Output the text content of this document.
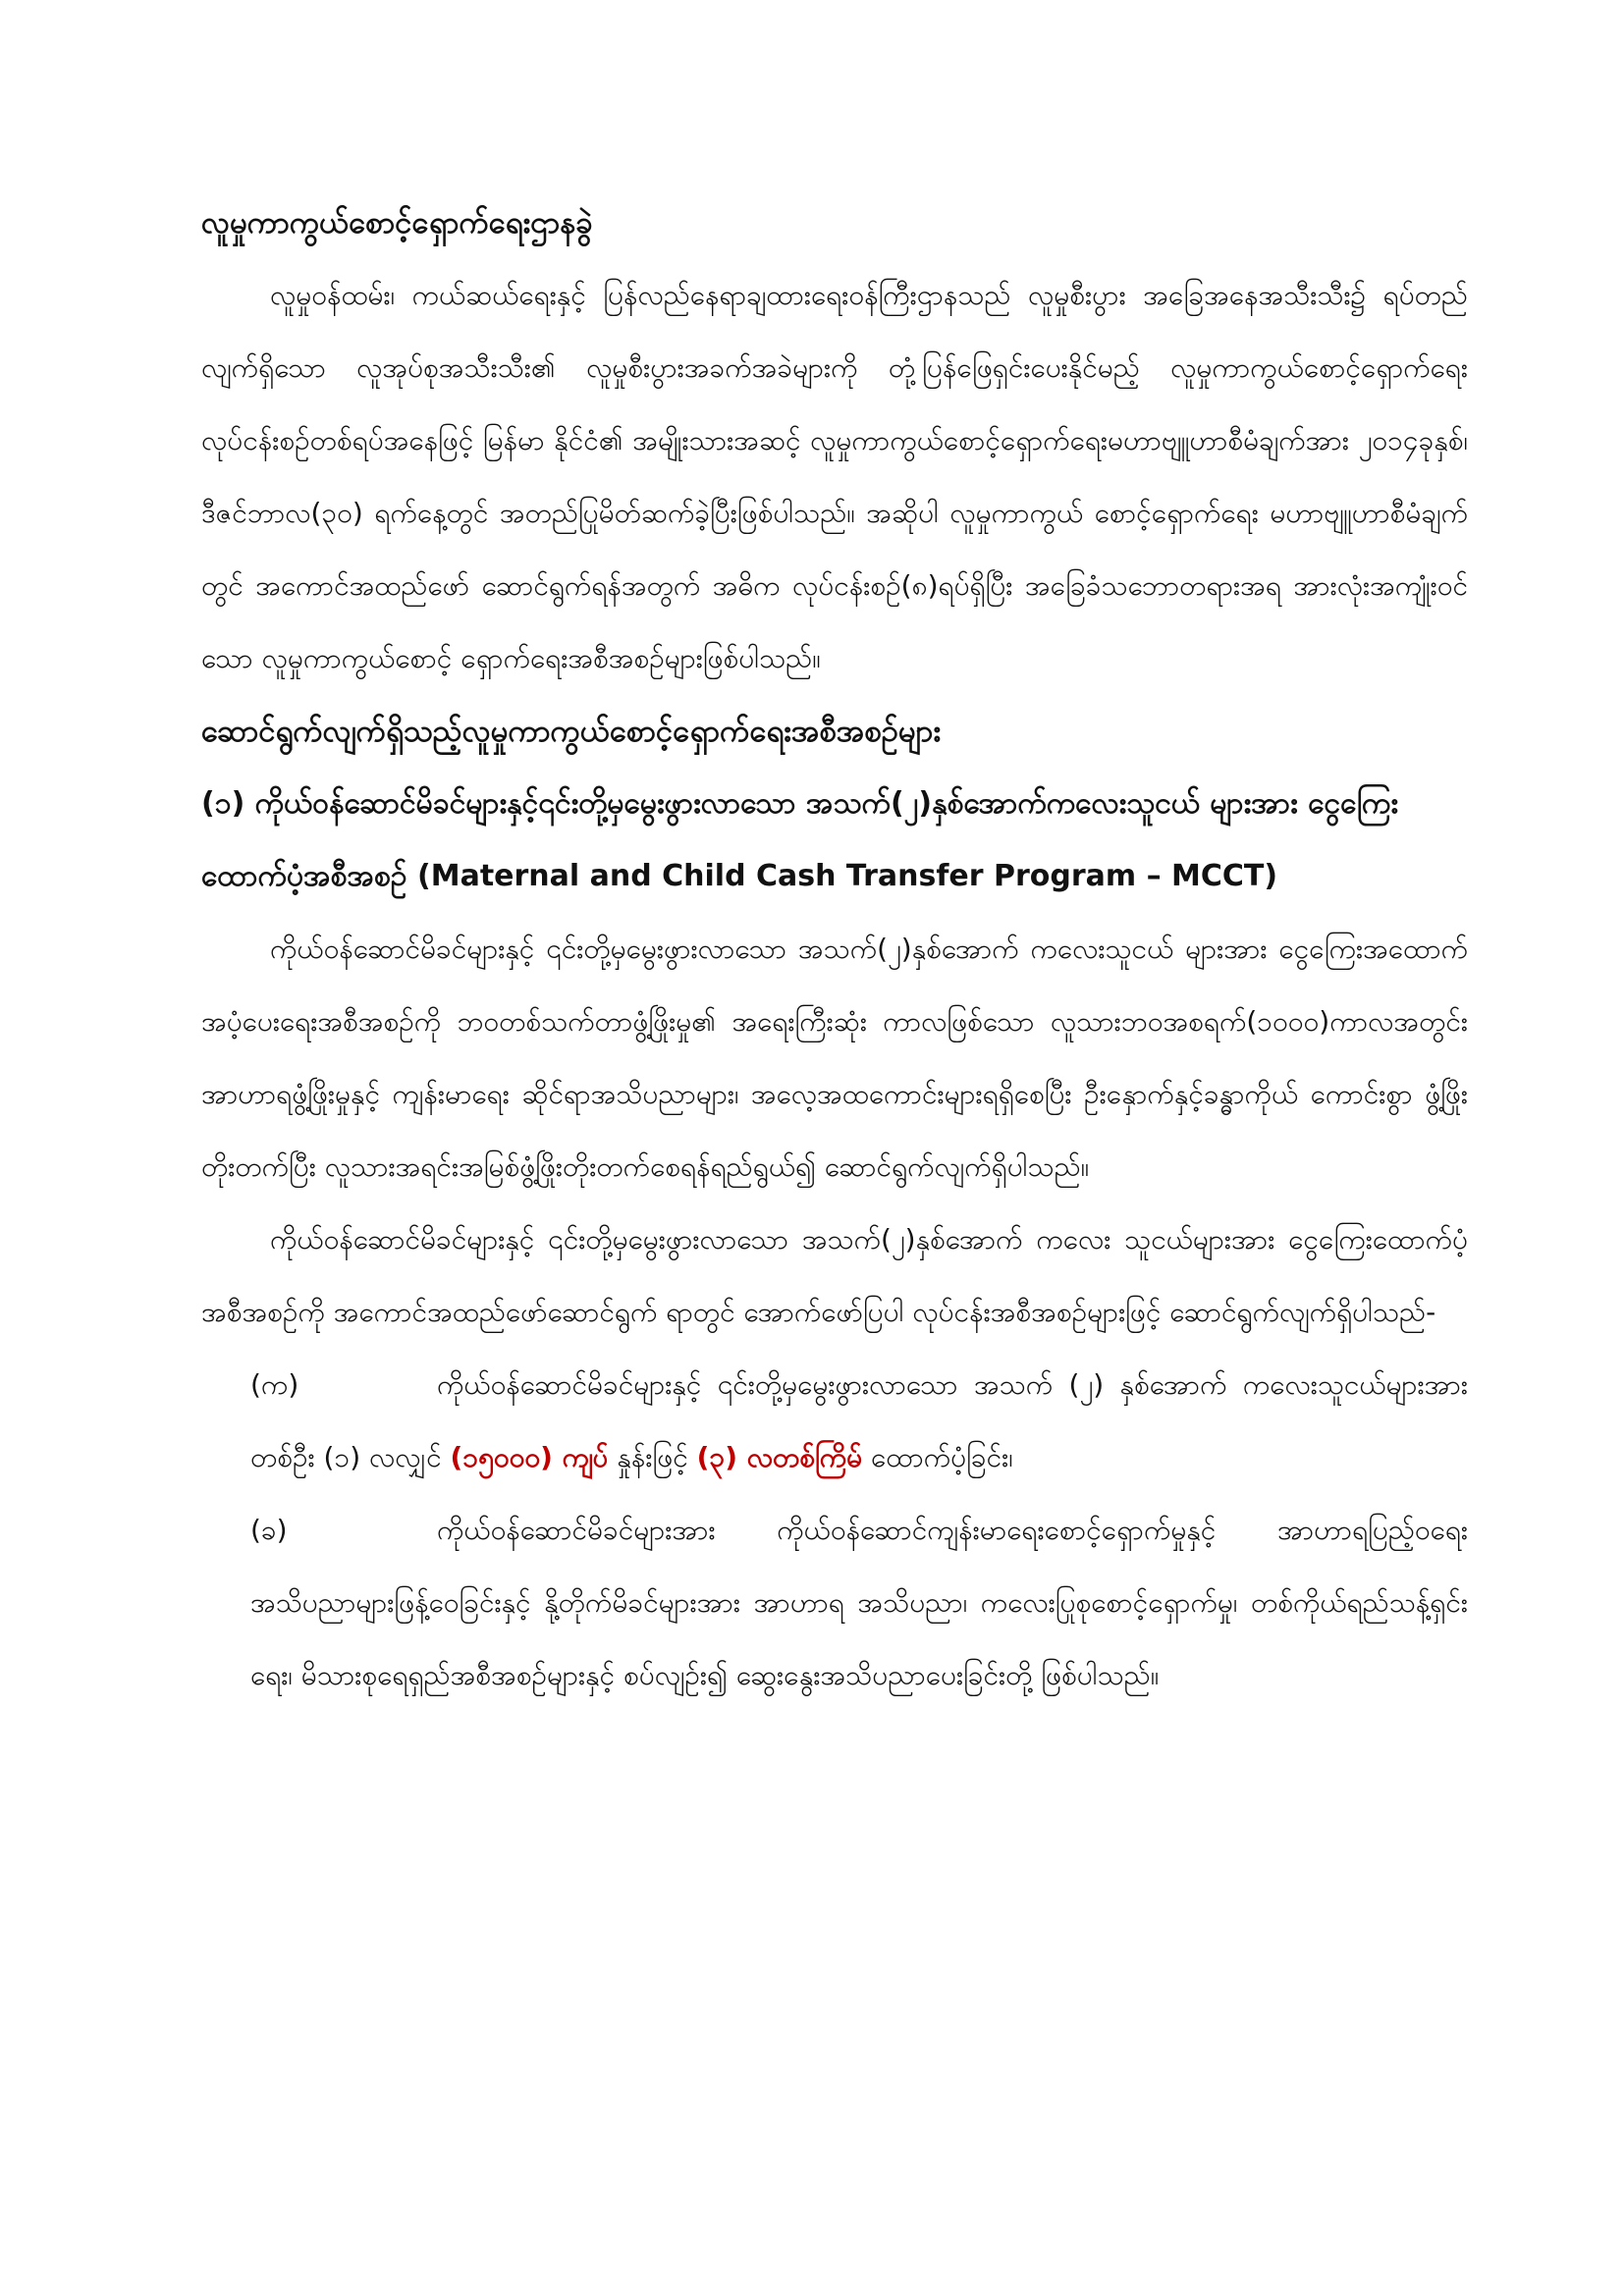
လူမှုကာကွယ်စောင့်ရှောက်ရေးဌာနခွဲ

လူမှုဝန်ထမ်း၊ ကယ်ဆယ်ရေးနှင့် ပြန်လည်နေရာချထားရေးဝန်ကြီးဌာနသည် လူမှုစီးပွား အခြေအနေအသီးသီး၌ ရပ်တည်လျက်ရှိသော လူအုပ်စုအသီးသီး၏ လူမှုစီးပွားအခက်အခဲများကို တုံ့ပြန်ဖြေရှင်းပေးနိုင်မည့် လူမှုကာကွယ်စောင့်ရှောက်ရေး လုပ်ငန်းစဉ်တစ်ရပ်အနေဖြင့် မြန်မာ နိုင်ငံ၏ အမျိုးသားအဆင့် လူမှုကာကွယ်စောင့်ရှောက်ရေးမဟာဗျူဟာစီမံချက်အား ၂၀၁၄ခုနှစ်၊ ဒီဇင်ဘာလ(၃၀) ရက်နေ့တွင် အတည်ပြုမိတ်ဆက်ခဲ့ပြီးဖြစ်ပါသည်။ အဆိုပါ လူမှုကာကွယ် စောင့်ရှောက်ရေး မဟာဗျူဟာစီမံချက်တွင် အကောင်အထည်ဖော် ဆောင်ရွက်ရန်အတွက် အဓိက လုပ်ငန်းစဉ်(၈)ရပ်ရှိပြီး အခြေခံသဘောတရားအရ အားလုံးအကျုံးဝင်သော လူမှုကာကွယ်စောင့် ရှောက်ရေးအစီအစဉ်များဖြစ်ပါသည်။

ဆောင်ရွက်လျက်ရှိသည့်လူမှုကာကွယ်စောင့်ရှောက်ရေးအစီအစဉ်များ

(၁) ကိုယ်ဝန်ဆောင်မိခင်များနှင့်၎င်းတို့မှမွေးဖွားလာသော အသက်(၂)နှစ်အောက်ကလေးသူငယ် များအား ငွေကြေးထောက်ပံ့အစီအစဉ် (Maternal and Child Cash Transfer Program – MCCT)

ကိုယ်ဝန်ဆောင်မိခင်များနှင့် ၎င်းတို့မှမွေးဖွားလာသော အသက်(၂)နှစ်အောက် ကလေးသူငယ် များအား ငွေကြေးအထောက်အပံ့ပေးရေးအစီအစဉ်ကို ဘဝတစ်သက်တာဖွံ့ဖြိုးမှု၏ အရေးကြီးဆုံး ကာလဖြစ်သော လူသားဘဝအစရက်(၁၀၀၀)ကာလအတွင်း အာဟာရဖွံ့ဖြိုးမှုနှင့် ကျန်းမာရေး ဆိုင်ရာအသိပညာများ၊ အလေ့အထကောင်းများရရှိစေပြီး ဦးနှောက်နှင့်ခန္ဓာကိုယ် ကောင်းစွာ ဖွံ့ဖြိုးတိုးတက်ပြီး လူသားအရင်းအမြစ်ဖွံ့ဖြိုးတိုးတက်စေရန်ရည်ရွယ်၍ ဆောင်ရွက်လျက်ရှိပါသည်။

ကိုယ်ဝန်ဆောင်မိခင်များနှင့် ၎င်းတို့မှမွေးဖွားလာသော အသက်(၂)နှစ်အောက် ကလေး သူငယ်များအား ငွေကြေးထောက်ပံ့အစီအစဉ်ကို အကောင်အထည်ဖော်ဆောင်ရွက် ရာတွင် အောက်ဖော်ပြပါ လုပ်ငန်းအစီအစဉ်များဖြင့် ဆောင်ရွက်လျက်ရှိပါသည်-

(က)	ကိုယ်ဝန်ဆောင်မိခင်များနှင့် ၎င်းတို့မှမွေးဖွားလာသော အသက် (၂) နှစ်အောက် ကလေးသူငယ်များအား တစ်ဦး (၁) လလျှင် (၁၅၀၀၀) ကျပ် နှုန်းဖြင့် (၃) လတစ်ကြိမ် ထောက်ပံ့ခြင်း၊

(ခ)	ကိုယ်ဝန်ဆောင်မိခင်များအား ကိုယ်ဝန်ဆောင်ကျန်းမာရေးစောင့်ရှောက်မှုနှင့် အာဟာရပြည့်ဝရေး အသိပညာများဖြန့်ဝေခြင်းနှင့် နို့တိုက်မိခင်များအား အာဟာရ အသိပညာ၊ ကလေးပြုစုစောင့်ရှောက်မှု၊ တစ်ကိုယ်ရည်သန့်ရှင်းရေး၊ မိသားစုရေရှည်အစီအစဉ်များနှင့် စပ်လျဉ်း၍ ဆွေးနွေးအသိပညာပေးခြင်းတို့ ဖြစ်ပါသည်။
